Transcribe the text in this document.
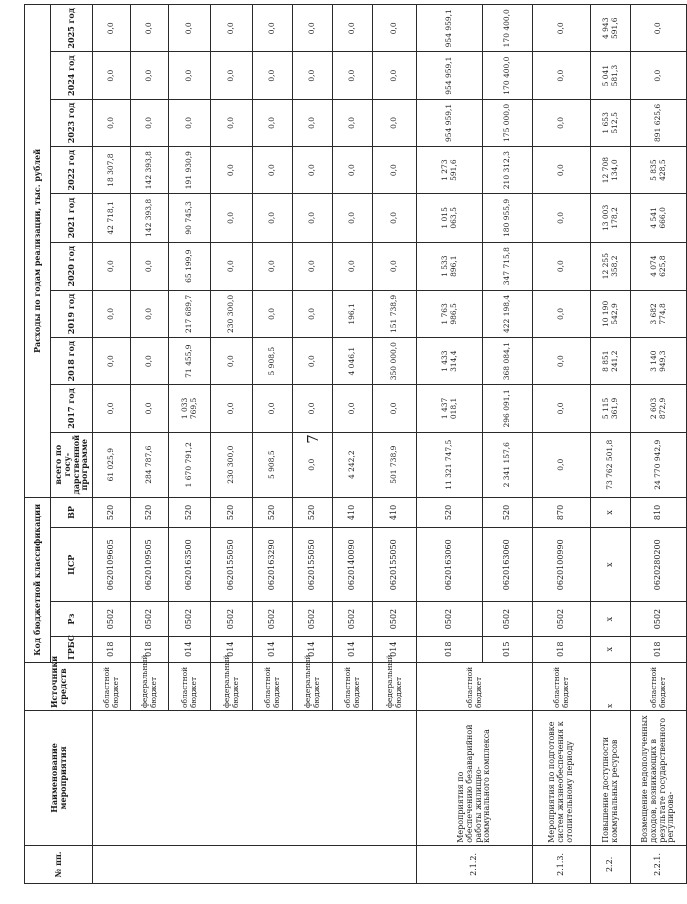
7
№ пп.	Наименование мероприятия	Источники средств	Код бюджетной классификации				Расходы по годам реализации, тыс. рублей									
			ГРБС	Рз	ЦСР	ВР	всего по госу-дарственной программе	2017 год	2018 год	2019 год	2020 год	2021 год	2022 год	2023 год	2024 год	2025 год
		областной бюджет	018	0502	0620109605	520	61 025,9	0,0	0,0	0,0	0,0	42 718,1	18 307,8	0,0	0,0	0,0
		федеральный бюджет	018	0502	0620109505	520	284 787,6	0,0	0,0	0,0	0,0	142 393,8	142 393,8	0,0	0,0	0,0
		областной бюджет	014	0502	0620163500	520	1 670 791,2	1 033 769,5	71 455,9	217 689,7	65 199,9	90 745,3	191 930,9	0,0	0,0	0,0
		федеральный бюджет	014	0502	0620155050	520	230 300,0	0,0	0,0	230 300,0	0,0	0,0	0,0	0,0	0,0	0,0
		областной бюджет	014	0502	0620163290	520	5 908,5	0,0	5 908,5	0,0	0,0	0,0	0,0	0,0	0,0	0,0
		федеральный бюджет	014	0502	0620155050	520	0,0	0,0	0,0	0,0	0,0	0,0	0,0	0,0	0,0	0,0
		областной бюджет	014	0502	0620140090	410	4 242,2	0,0	4 046,1	196,1	0,0	0,0	0,0	0,0	0,0	0,0
		федеральный бюджет	014	0502	0620155050	410	501 738,9	0,0	350 000,0	151 738,9	0,0	0,0	0,0	0,0	0,0	0,0
2.1.2.	Мероприятия по обеспечению безаварийной работы жилищно-коммунального комплекса	областной бюджет	018	0502	0620163060	520	11 321 747,5	1 437 018,1	1 433 314,4	1 763 986,5	1 533 896,1	1 015 063,5	1 273 591,6	954 959,1	954 959,1	954 959,1
			015	0502	0620163060	520	2 341 157,6	296 091,1	368 084,1	422 198,4	347 715,8	180 955,9	210 312,3	175 000,0	170 400,0	170 400,0
2.1.3.	Мероприятия по подготовке систем жизнеобеспечения к отопительному периоду	областной бюджет	018	0502	0620100990	870	0,0	0,0	0,0	0,0	0,0	0,0	0,0	0,0	0,0	0,0
2.2.	Повышение доступности коммунальных ресурсов	х	х	х	х	х	73 762 501,8	5 115 361,9	8 851 241,2	10 190 542,9	12 255 358,2	13 003 178,2	12 708 134,0	1 653 512,5	5 041 581,3	4 943 591,6
2.2.1.	Возмещение недополученных доходов, возникающих в результате государственного регулирова-	областной бюджет	018	0502	0620280200	810	24 770 942,9	2 603 872,9	3 140 949,3	3 682 774,8	4 074 625,8	4 541 666,0	5 835 428,5	891 625,6	0,0	0,0
